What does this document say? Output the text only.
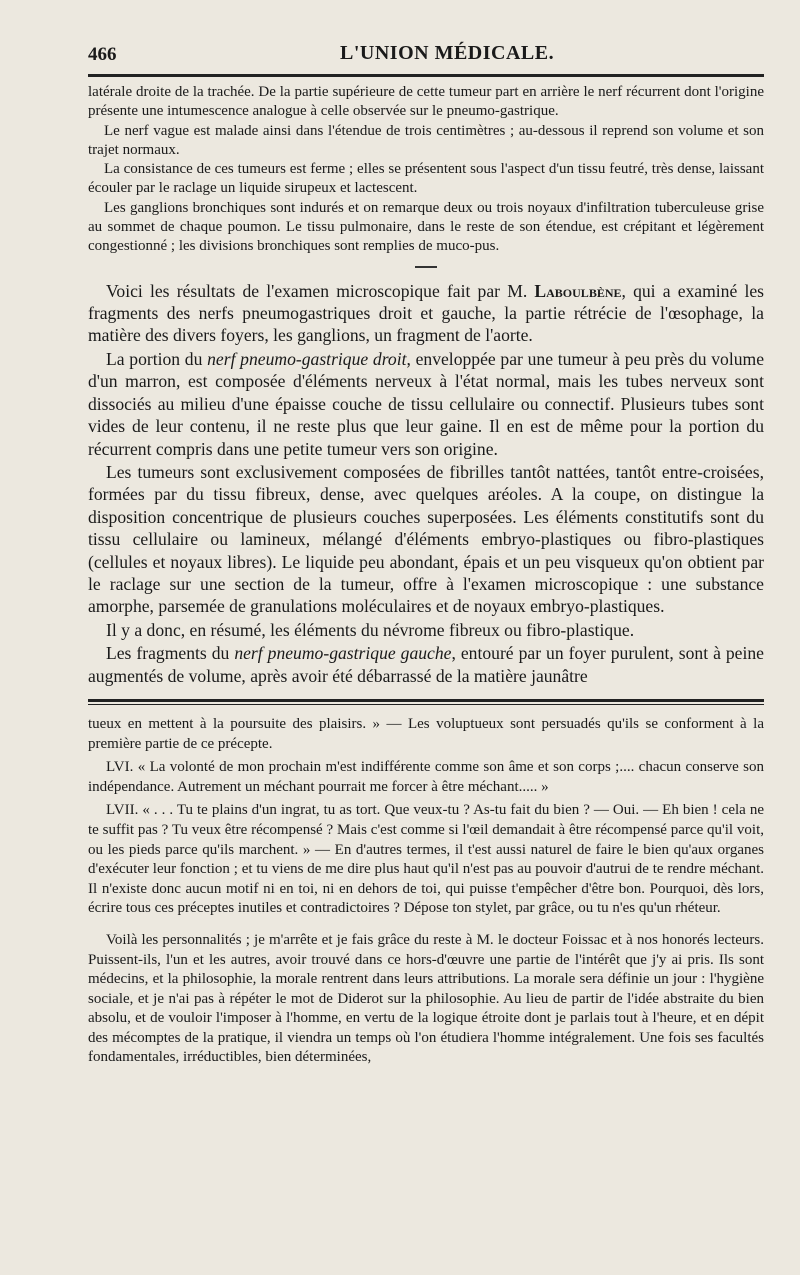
466	L'UNION MÉDICALE.

latérale droite de la trachée. De la partie supérieure de cette tumeur part en arrière le nerf récurrent dont l'origine présente une intumescence analogue à celle observée sur le pneumo-gastrique.

Le nerf vague est malade ainsi dans l'étendue de trois centimètres ; au-dessous il reprend son volume et son trajet normaux.

La consistance de ces tumeurs est ferme ; elles se présentent sous l'aspect d'un tissu feutré, très dense, laissant écouler par le raclage un liquide sirupeux et lactescent.

Les ganglions bronchiques sont indurés et on remarque deux ou trois noyaux d'infiltration tuberculeuse grise au sommet de chaque poumon. Le tissu pulmonaire, dans le reste de son étendue, est crépitant et légèrement congestionné ; les divisions bronchiques sont remplies de muco-pus.

Voici les résultats de l'examen microscopique fait par M. Laboulbène, qui a examiné les fragments des nerfs pneumogastriques droit et gauche, la partie rétrécie de l'œsophage, la matière des divers foyers, les ganglions, un fragment de l'aorte.

La portion du nerf pneumo-gastrique droit, enveloppée par une tumeur à peu près du volume d'un marron, est composée d'éléments nerveux à l'état normal, mais les tubes nerveux sont dissociés au milieu d'une épaisse couche de tissu cellulaire ou connectif. Plusieurs tubes sont vides de leur contenu, il ne reste plus que leur gaine. Il en est de même pour la portion du récurrent compris dans une petite tumeur vers son origine.

Les tumeurs sont exclusivement composées de fibrilles tantôt nattées, tantôt entre-croisées, formées par du tissu fibreux, dense, avec quelques aréoles. A la coupe, on distingue la disposition concentrique de plusieurs couches superposées. Les éléments constitutifs sont du tissu cellulaire ou lamineux, mélangé d'éléments embryo-plastiques ou fibro-plastiques (cellules et noyaux libres). Le liquide peu abondant, épais et un peu visqueux qu'on obtient par le raclage sur une section de la tumeur, offre à l'examen microscopique : une substance amorphe, parsemée de granulations moléculaires et de noyaux embryo-plastiques.

Il y a donc, en résumé, les éléments du névrome fibreux ou fibro-plastique.

Les fragments du nerf pneumo-gastrique gauche, entouré par un foyer purulent, sont à peine augmentés de volume, après avoir été débarrassé de la matière jaunâtre

tueux en mettent à la poursuite des plaisirs. » — Les voluptueux sont persuadés qu'ils se conforment à la première partie de ce précepte.

LVI. « La volonté de mon prochain m'est indifférente comme son âme et son corps ;.... chacun conserve son indépendance. Autrement un méchant pourrait me forcer à être méchant..... »

LVII. « . . . Tu te plains d'un ingrat, tu as tort. Que veux-tu ? As-tu fait du bien ? — Oui. — Eh bien ! cela ne te suffit pas ? Tu veux être récompensé ? Mais c'est comme si l'œil demandait à être récompensé parce qu'il voit, ou les pieds parce qu'ils marchent. » — En d'autres termes, il t'est aussi naturel de faire le bien qu'aux organes d'exécuter leur fonction ; et tu viens de me dire plus haut qu'il n'est pas au pouvoir d'autrui de te rendre méchant. Il n'existe donc aucun motif ni en toi, ni en dehors de toi, qui puisse t'empêcher d'être bon. Pourquoi, dès lors, écrire tous ces préceptes inutiles et contradictoires ? Dépose ton stylet, par grâce, ou tu n'es qu'un rhéteur.

Voilà les personnalités ; je m'arrête et je fais grâce du reste à M. le docteur Foissac et à nos honorés lecteurs. Puissent-ils, l'un et les autres, avoir trouvé dans ce hors-d'œuvre une partie de l'intérêt que j'y ai pris. Ils sont médecins, et la philosophie, la morale rentrent dans leurs attributions. La morale sera définie un jour : l'hygiène sociale, et je n'ai pas à répéter le mot de Diderot sur la philosophie. Au lieu de partir de l'idée abstraite du bien absolu, et de vouloir l'imposer à l'homme, en vertu de la logique étroite dont je parlais tout à l'heure, et en dépit des mécomptes de la pratique, il viendra un temps où l'on étudiera l'homme intégralement. Une fois ses facultés fondamentales, irréductibles, bien déterminées,
